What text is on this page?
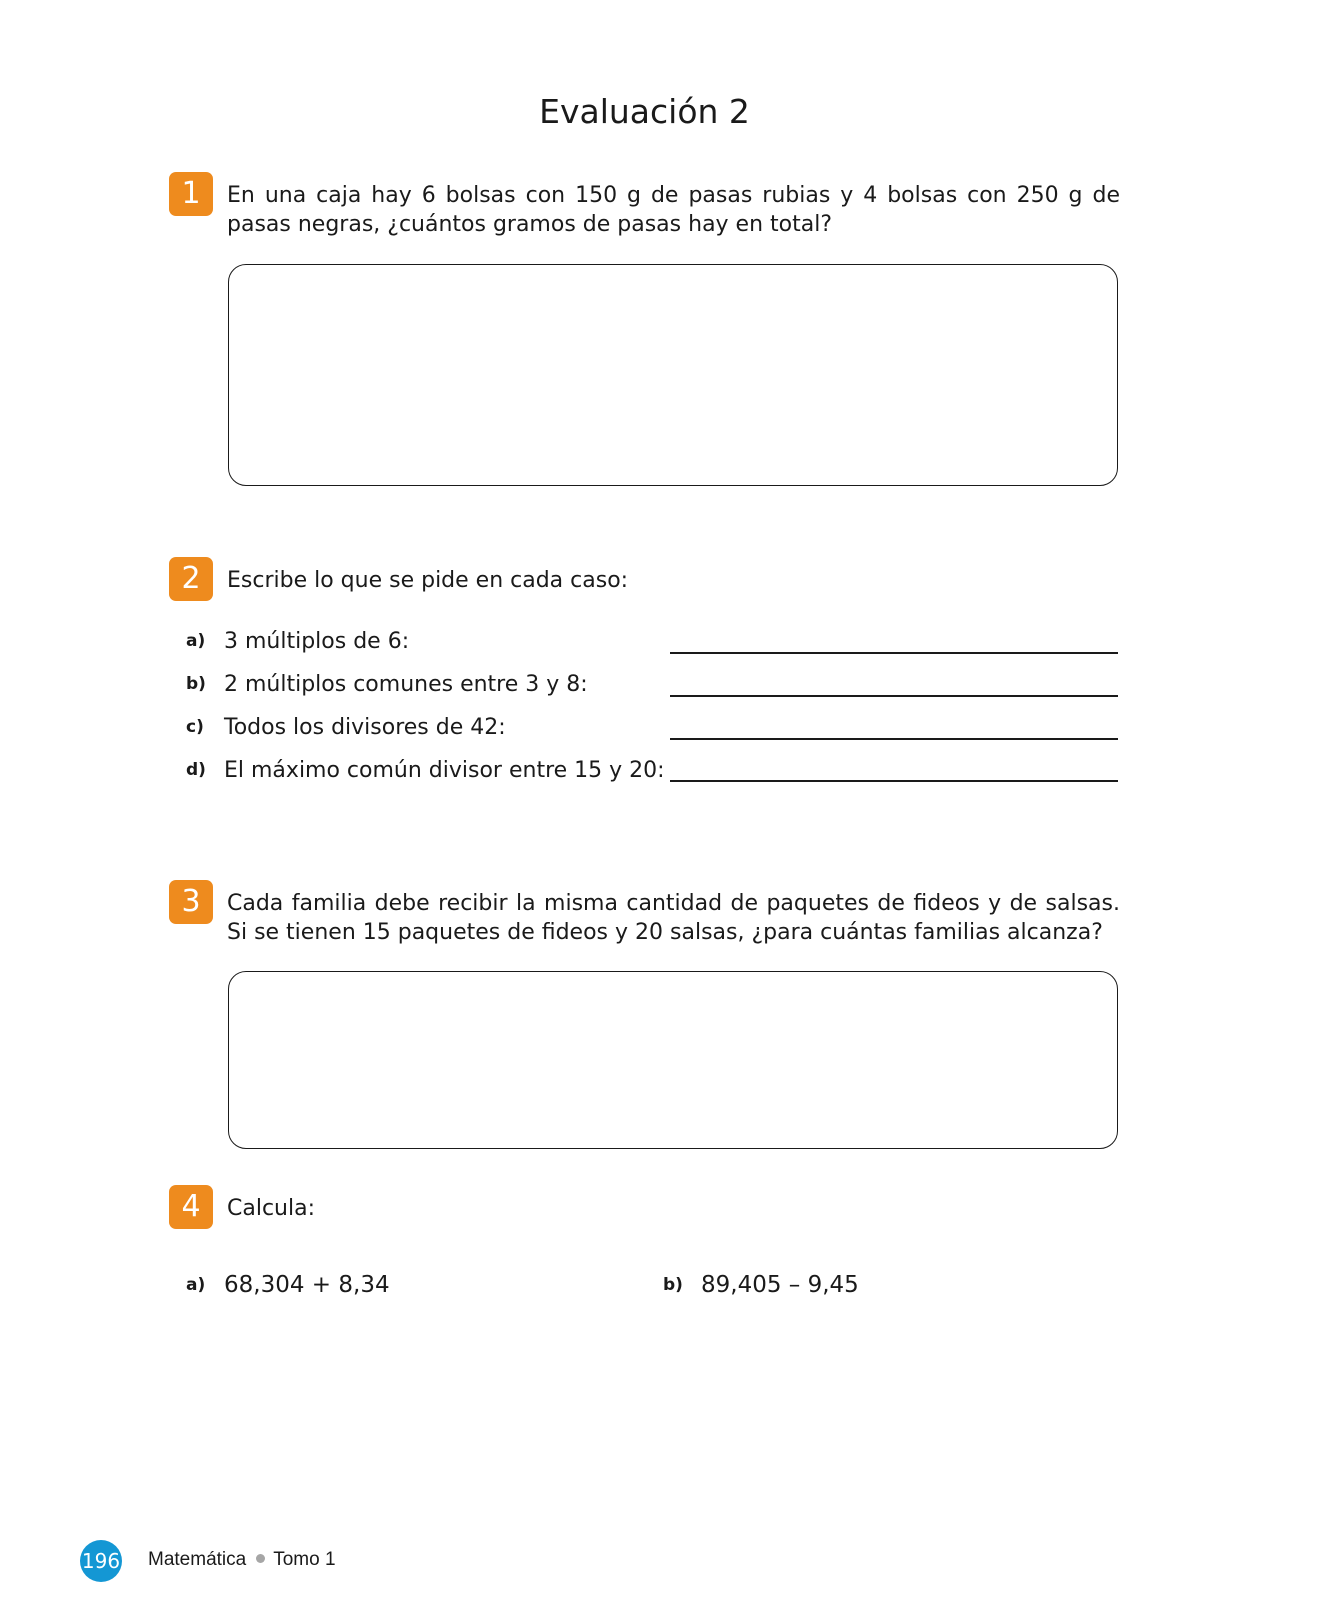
Evaluación 2
1	En una caja hay 6 bolsas con 150 g de pasas rubias y 4 bolsas con 250 g de pasas negras, ¿cuántos gramos de pasas hay en total?
2	Escribe lo que se pide en cada caso:
a) 3 múltiplos de 6:
b) 2 múltiplos comunes entre 3 y 8:
c) Todos los divisores de 42:
d) El máximo común divisor entre 15 y 20:
3	Cada familia debe recibir la misma cantidad de paquetes de fideos y de salsas. Si se tienen 15 paquetes de fideos y 20 salsas, ¿para cuántas familias alcanza?
4	Calcula:
a) 68,304 + 8,34	b) 89,405 – 9,45
196 Matemática Tomo 1
